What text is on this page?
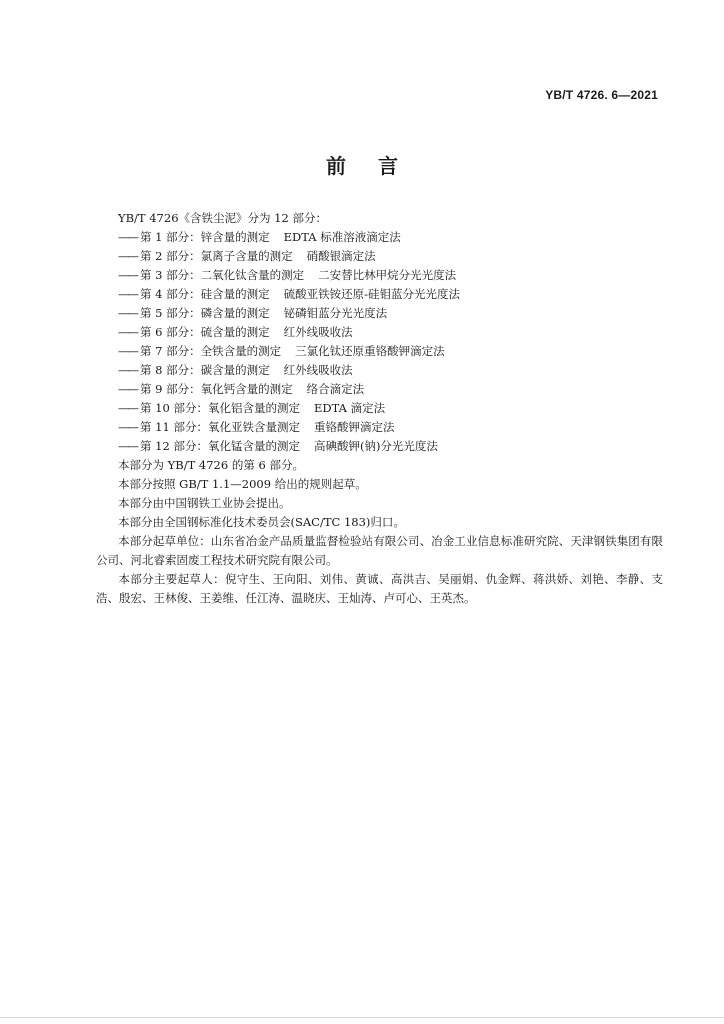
YB/T 4726. 6—2021
前言
YB/T 4726《含铁尘泥》分为 12 部分：
—— 第 1 部分：锌含量的测定 EDTA 标准溶液滴定法
—— 第 2 部分：氯离子含量的测定 硝酸银滴定法
—— 第 3 部分：二氧化钛含量的测定 二安替比林甲烷分光光度法
—— 第 4 部分：硅含量的测定 硫酸亚铁铵还原-硅钼蓝分光光度法
—— 第 5 部分：磷含量的测定 铋磷钼蓝分光光度法
—— 第 6 部分：硫含量的测定 红外线吸收法
—— 第 7 部分：全铁含量的测定 三氯化钛还原重铬酸钾滴定法
—— 第 8 部分：碳含量的测定 红外线吸收法
—— 第 9 部分：氧化钙含量的测定 络合滴定法
—— 第 10 部分：氧化铝含量的测定 EDTA 滴定法
—— 第 11 部分：氧化亚铁含量测定 重铬酸钾滴定法
—— 第 12 部分：氧化锰含量的测定 高碘酸钾(钠)分光光度法
本部分为 YB/T 4726 的第 6 部分。
本部分按照 GB/T 1.1—2009 给出的规则起草。
本部分由中国钢铁工业协会提出。
本部分由全国钢标准化技术委员会(SAC/TC 183)归口。
本部分起草单位：山东省冶金产品质量监督检验站有限公司、冶金工业信息标准研究院、天津钢铁集团有限公司、河北睿索固废工程技术研究院有限公司。
本部分主要起草人：倪守生、王向阳、刘伟、黄诚、高洪吉、吴丽娟、仇金辉、蒋洪娇、刘艳、李静、支浩、殷宏、王林俊、王姜维、任江涛、温晓庆、王灿涛、卢可心、王英杰。
